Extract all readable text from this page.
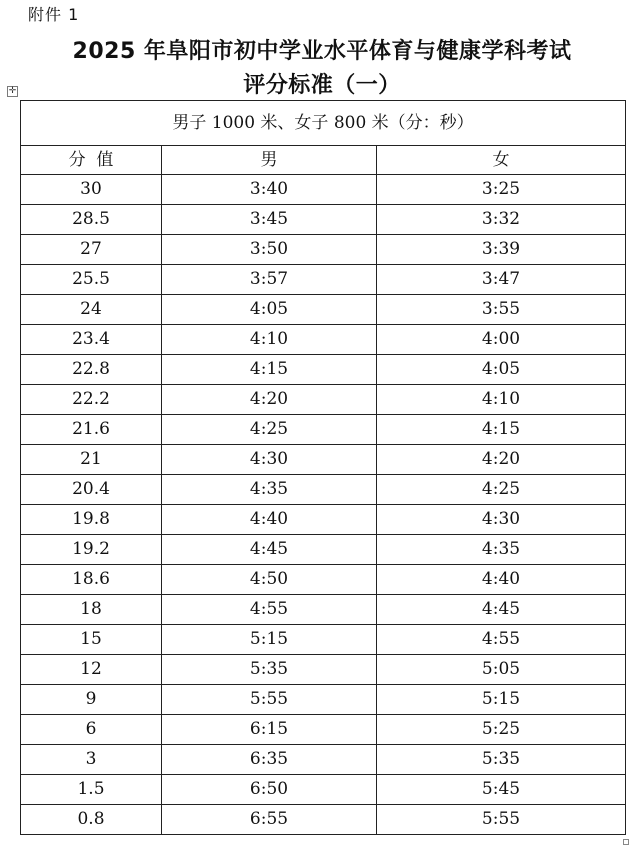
附件 1
2025 年阜阳市初中学业水平体育与健康学科考试
评分标准（一）
✛
男子 1000 米、女子 800 米（分：秒）		
分  值	男	女
30	3:40	3:25
28.5	3:45	3:32
27	3:50	3:39
25.5	3:57	3:47
24	4:05	3:55
23.4	4:10	4:00
22.8	4:15	4:05
22.2	4:20	4:10
21.6	4:25	4:15
21	4:30	4:20
20.4	4:35	4:25
19.8	4:40	4:30
19.2	4:45	4:35
18.6	4:50	4:40
18	4:55	4:45
15	5:15	4:55
12	5:35	5:05
9	5:55	5:15
6	6:15	5:25
3	6:35	5:35
1.5	6:50	5:45
0.8	6:55	5:55
